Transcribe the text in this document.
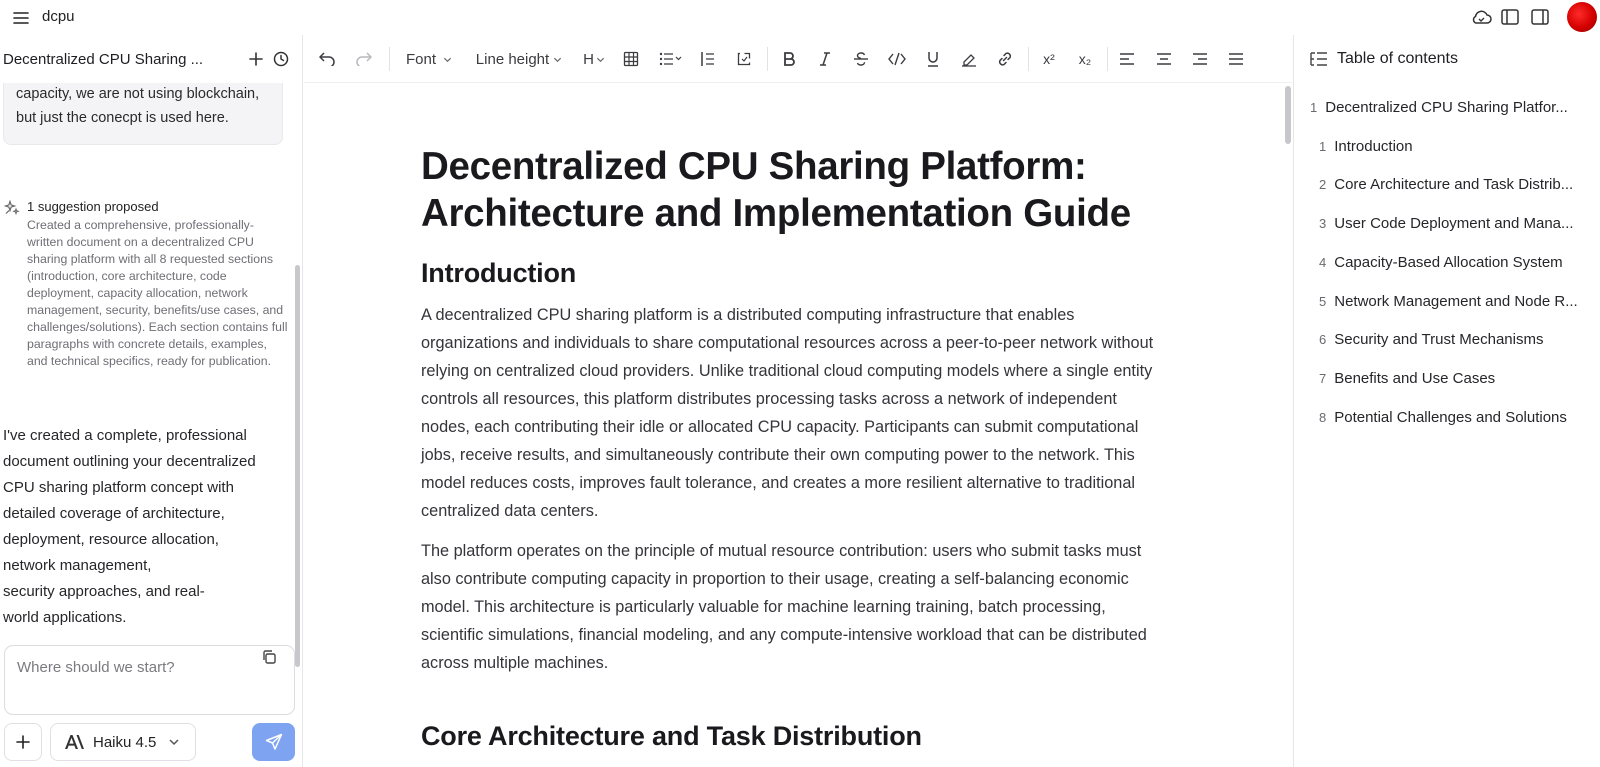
dcpu
Decentralized CPU Sharing ...
capacity, we are not using blockchain, but just the conecpt is used here.
1 suggestion proposed
Created a comprehensive, professionally-written document on a decentralized CPU sharing platform with all 8 requested sections (introduction, core architecture, code deployment, capacity allocation, network management, security, benefits/use cases, and challenges/solutions). Each section contains full paragraphs with concrete details, examples, and technical specifics, ready for publication.
I've created a complete, professional
document outlining your decentralized
CPU sharing platform concept with
detailed coverage of architecture,
deployment, resource allocation,
network management,
security approaches, and real-
world applications.
Where should we start?
Haiku 4.5
Font	Line height H	x² x₂
Decentralized CPU Sharing Platform: Architecture and Implementation Guide
Introduction

A decentralized CPU sharing platform is a distributed computing infrastructure that enables organizations and individuals to share computational resources across a peer-to-peer network without relying on centralized cloud providers. Unlike traditional cloud computing models where a single entity controls all resources, this platform distributes processing tasks across a network of independent nodes, each contributing their idle or allocated CPU capacity. Participants can submit computational jobs, receive results, and simultaneously contribute their own computing power to the network. This model reduces costs, improves fault tolerance, and creates a more resilient alternative to traditional centralized data centers.

The platform operates on the principle of mutual resource contribution: users who submit tasks must also contribute computing capacity in proportion to their usage, creating a self-balancing economic model. This architecture is particularly valuable for machine learning training, batch processing, scientific simulations, financial modeling, and any compute-intensive workload that can be distributed across multiple machines.

Core Architecture and Task Distribution
Table of contents
1 Decentralized CPU Sharing Platfor...
1 Introduction
2 Core Architecture and Task Distrib...
3 User Code Deployment and Mana...
4 Capacity-Based Allocation System
5 Network Management and Node R...
6 Security and Trust Mechanisms
7 Benefits and Use Cases
8 Potential Challenges and Solutions
